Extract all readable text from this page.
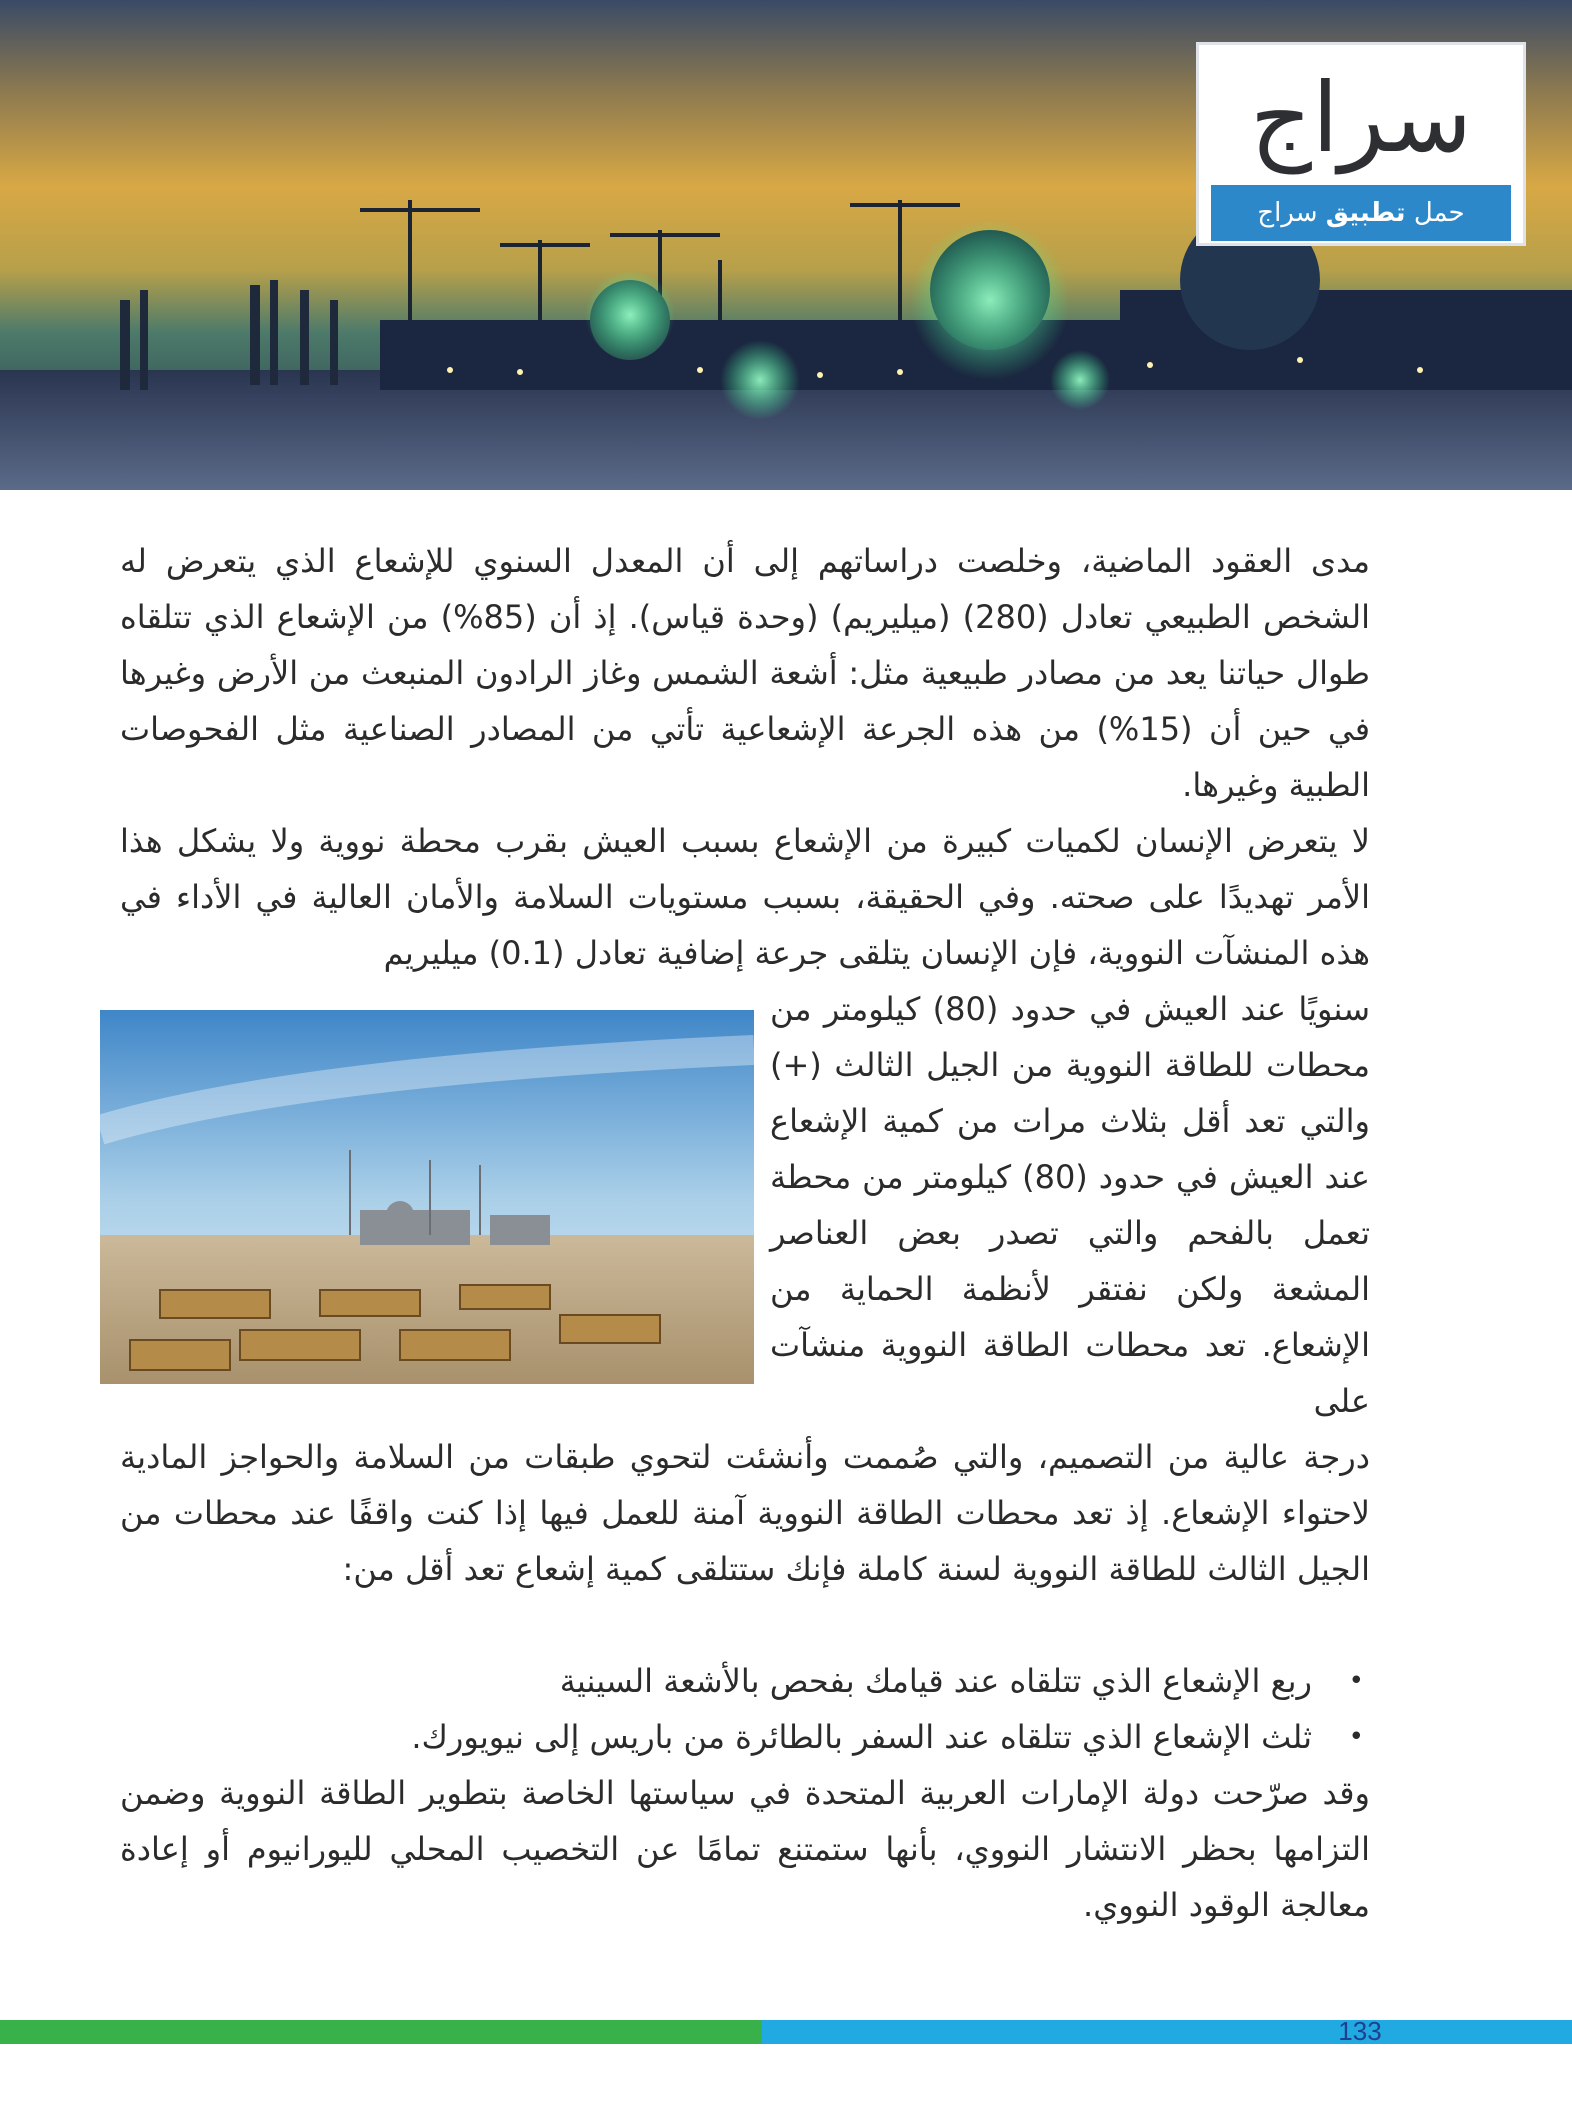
سراج
حمل تطبيق سراج

مدى العقود الماضية، وخلصت دراساتهم إلى أن المعدل السنوي للإشعاع الذي يتعرض له الشخص الطبيعي تعادل (280) (ميليريم) (وحدة قياس). إذ أن (85%) من الإشعاع الذي تتلقاه طوال حياتنا يعد من مصادر طبيعية مثل: أشعة الشمس وغاز الرادون المنبعث من الأرض وغيرها في حين أن (15%) من هذه الجرعة الإشعاعية تأتي من المصادر الصناعية مثل الفحوصات الطبية وغيرها.

لا يتعرض الإنسان لكميات كبيرة من الإشعاع بسبب العيش بقرب محطة نووية ولا يشكل هذا الأمر تهديدًا على صحته. وفي الحقيقة، بسبب مستويات السلامة والأمان العالية في الأداء في هذه المنشآت النووية، فإن الإنسان يتلقى جرعة إضافية تعادل (0.1) ميليريم

سنويًا عند العيش في حدود (80) كيلومتر من محطات للطاقة النووية من الجيل الثالث (+) والتي تعد أقل بثلاث مرات من كمية الإشعاع عند العيش في حدود (80) كيلومتر من محطة تعمل بالفحم والتي تصدر بعض العناصر المشعة ولكن نفتقر لأنظمة الحماية من الإشعاع. تعد محطات الطاقة النووية منشآت على

درجة عالية من التصميم، والتي صُممت وأنشئت لتحوي طبقات من السلامة والحواجز المادية لاحتواء الإشعاع. إذ تعد محطات الطاقة النووية آمنة للعمل فيها إذا كنت واقفًا عند محطات من الجيل الثالث للطاقة النووية لسنة كاملة فإنك ستتلقى كمية إشعاع تعد أقل من:

• ربع الإشعاع الذي تتلقاه عند قيامك بفحص بالأشعة السينية
• ثلث الإشعاع الذي تتلقاه عند السفر بالطائرة من باريس إلى نيويورك.

وقد صرّحت دولة الإمارات العربية المتحدة في سياستها الخاصة بتطوير الطاقة النووية وضمن التزامها بحظر الانتشار النووي، بأنها ستمتنع تمامًا عن التخصيب المحلي لليورانيوم أو إعادة معالجة الوقود النووي.

133
